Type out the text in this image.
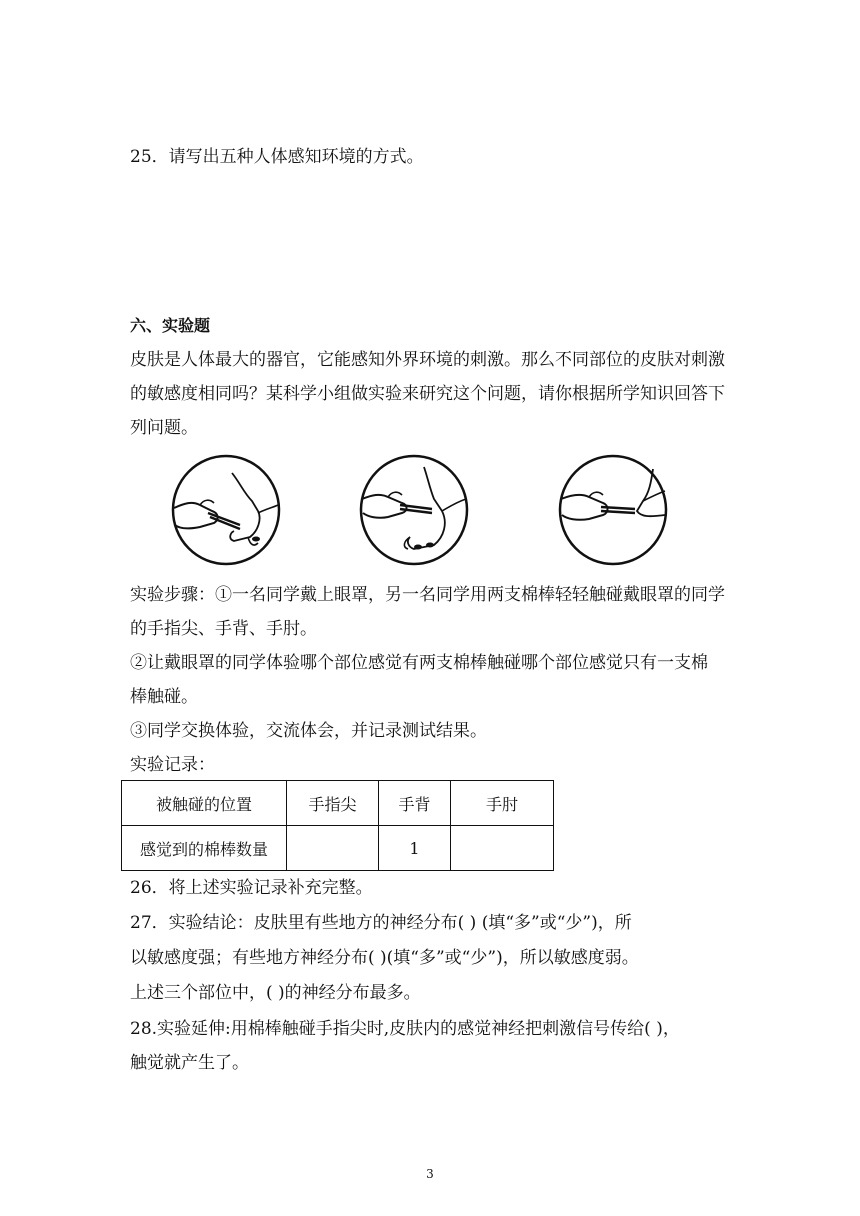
25．请写出五种人体感知环境的方式。
六、实验题
皮肤是人体最大的器官，它能感知外界环境的刺激。那么不同部位的皮肤对刺激
的敏感度相同吗？某科学小组做实验来研究这个问题，请你根据所学知识回答下
列问题。
实验步骤：①一名同学戴上眼罩，另一名同学用两支棉棒轻轻触碰戴眼罩的同学
的手指尖、手背、手肘。
②让戴眼罩的同学体验哪个部位感觉有两支棉棒触碰哪个部位感觉只有一支棉
棒触碰。
③同学交换体验，交流体会，并记录测试结果。
实验记录：
被触碰的位置	手指尖	手背	手肘
感觉到的棉棒数量		1	
26．将上述实验记录补充完整。
27．实验结论：皮肤里有些地方的神经分布( ) (填“多”或“少”)，所
以敏感度强；有些地方神经分布( )(填“多”或“少”)，所以敏感度弱。
上述三个部位中，( )的神经分布最多。
28.实验延伸:用棉棒触碰手指尖时,皮肤内的感觉神经把刺激信号传给( )，
触觉就产生了。
3
